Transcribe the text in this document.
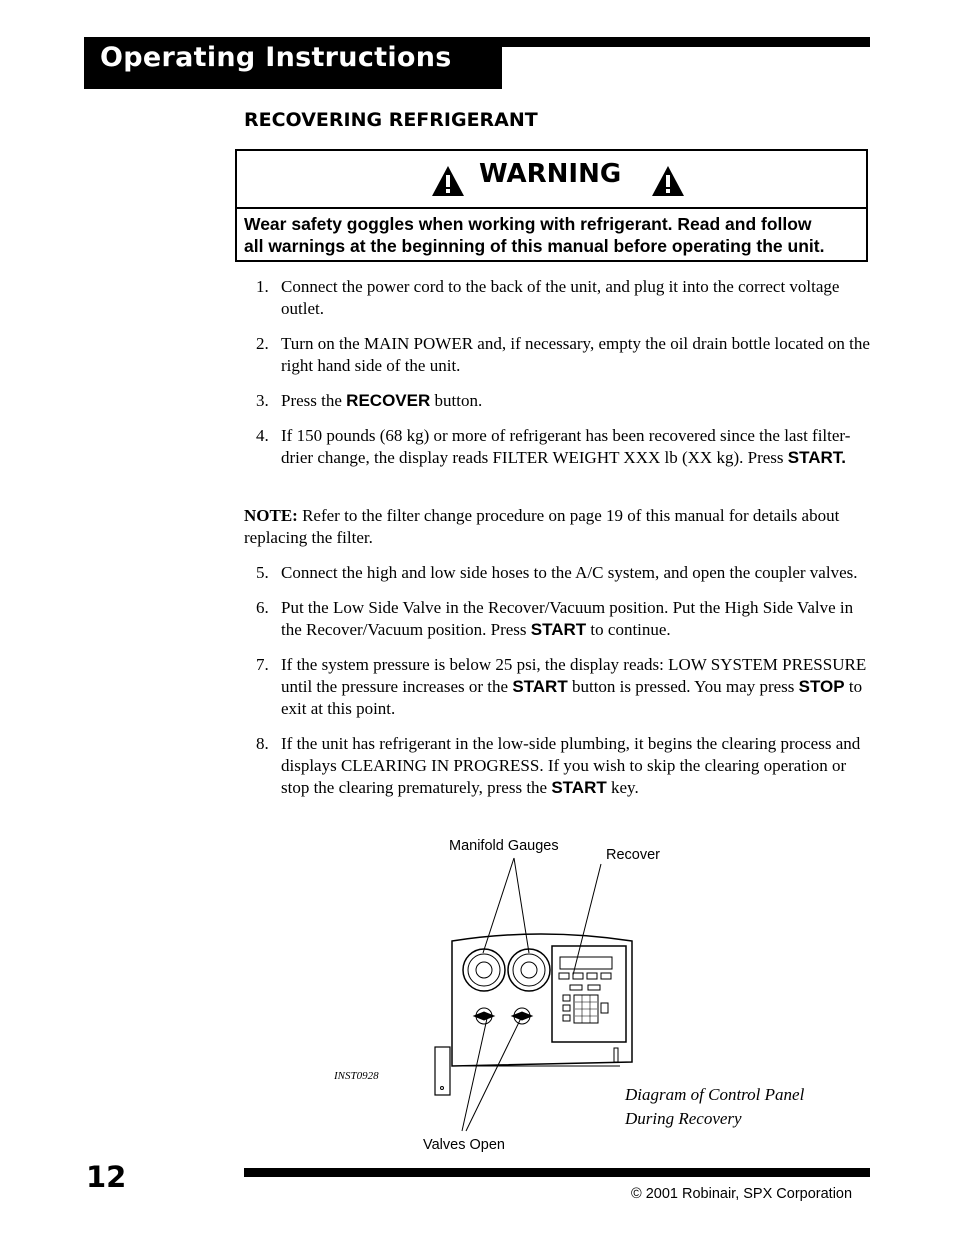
Operating Instructions
RECOVERING REFRIGERANT
WARNING
Wear safety goggles when working with refrigerant. Read and follow
all warnings at the beginning of this manual before operating the unit.
1. Connect the power cord to the back of the unit, and plug it into the correct voltage outlet.
2. Turn on the MAIN POWER and, if necessary, empty the oil drain bottle located on the right hand side of the unit.
3. Press the RECOVER button.
4. If 150 pounds (68 kg) or more of refrigerant has been recovered since the last filter-drier change, the display reads FILTER WEIGHT XXX lb (XX kg). Press START.
NOTE: Refer to the filter change procedure on page 19 of this manual for details about replacing the filter.
5. Connect the high and low side hoses to the A/C system, and open the coupler valves.
6. Put the Low Side Valve in the Recover/Vacuum position. Put the High Side Valve in the Recover/Vacuum position. Press START to continue.
7. If the system pressure is below 25 psi, the display reads: LOW SYSTEM PRESSURE until the pressure increases or the START button is pressed. You may press STOP to exit at this point.
8. If the unit has refrigerant in the low-side plumbing, it begins the clearing process and displays CLEARING IN PROGRESS. If you wish to skip the clearing operation or stop the clearing prematurely, press the START key.
Manifold Gauges
Recover
Valves Open
INST0928
Diagram of Control Panel
During Recovery
12	© 2001 Robinair, SPX Corporation
